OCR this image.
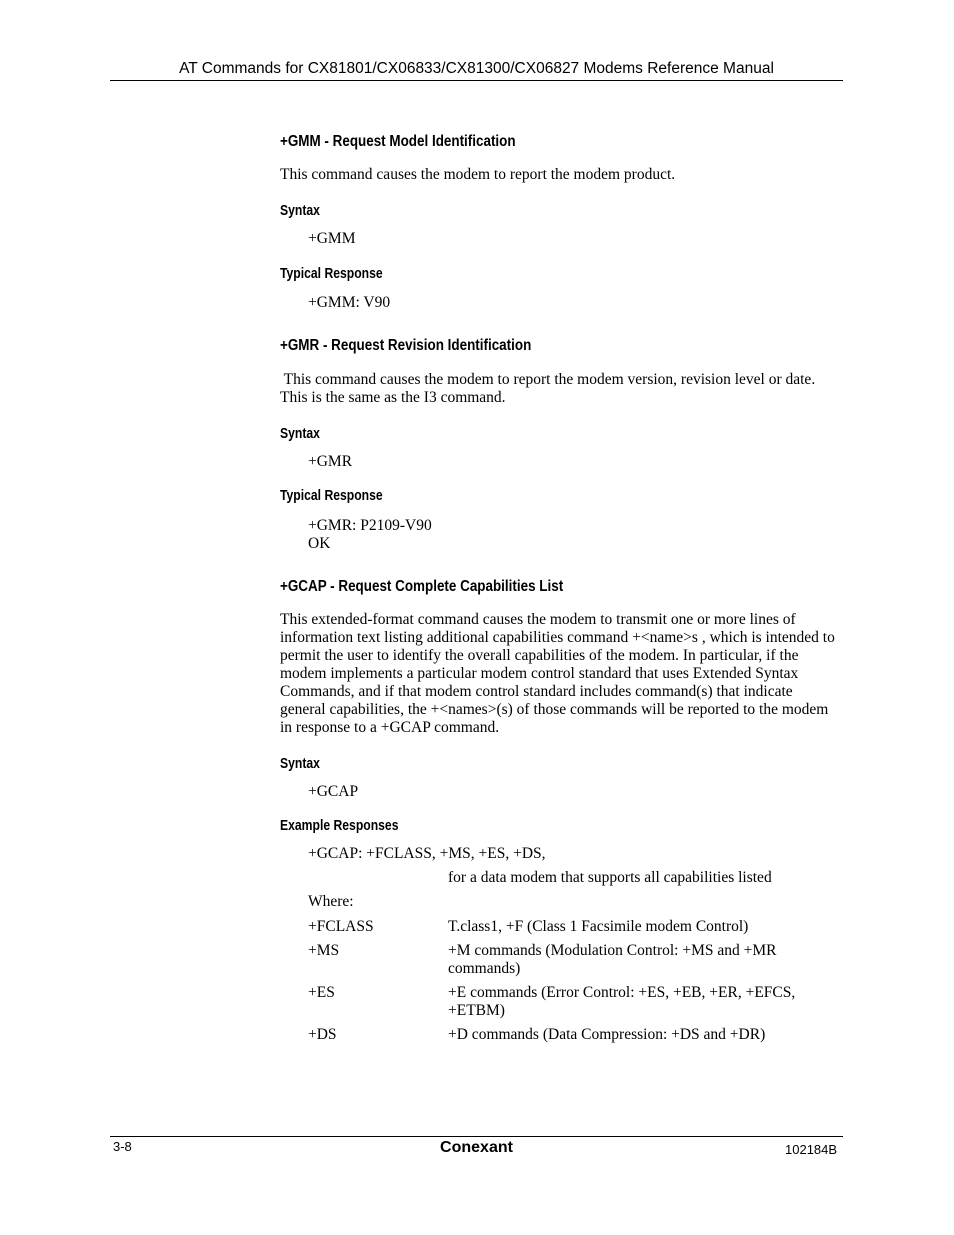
AT Commands for CX81801/CX06833/CX81300/CX06827 Modems Reference Manual
+GMM - Request Model Identification
This command causes the modem to report the modem product.
Syntax
+GMM
Typical Response
+GMM: V90
+GMR - Request Revision Identification
This command causes the modem to report the modem version, revision level or date.
This is the same as the I3 command.
Syntax
+GMR
Typical Response
+GMR: P2109-V90
OK
+GCAP - Request Complete Capabilities List
This extended-format command causes the modem to transmit one or more lines of
information text listing additional capabilities command +<name>s , which is intended to
permit the user to identify the overall capabilities of the modem. In particular, if the
modem implements a particular modem control standard that uses Extended Syntax
Commands, and if that modem control standard includes command(s) that indicate
general capabilities, the +<names>(s) of those commands will be reported to the modem
in response to a +GCAP command.
Syntax
+GCAP
Example Responses
+GCAP: +FCLASS, +MS, +ES, +DS,
for a data modem that supports all capabilities listed
Where:
+FCLASS	T.class1, +F (Class 1 Facsimile modem Control)
+MS	+M commands (Modulation Control: +MS and +MR
commands)
+ES	+E commands (Error Control: +ES, +EB, +ER, +EFCS,
+ETBM)
+DS	+D commands (Data Compression: +DS and +DR)
3-8	Conexant	102184B
